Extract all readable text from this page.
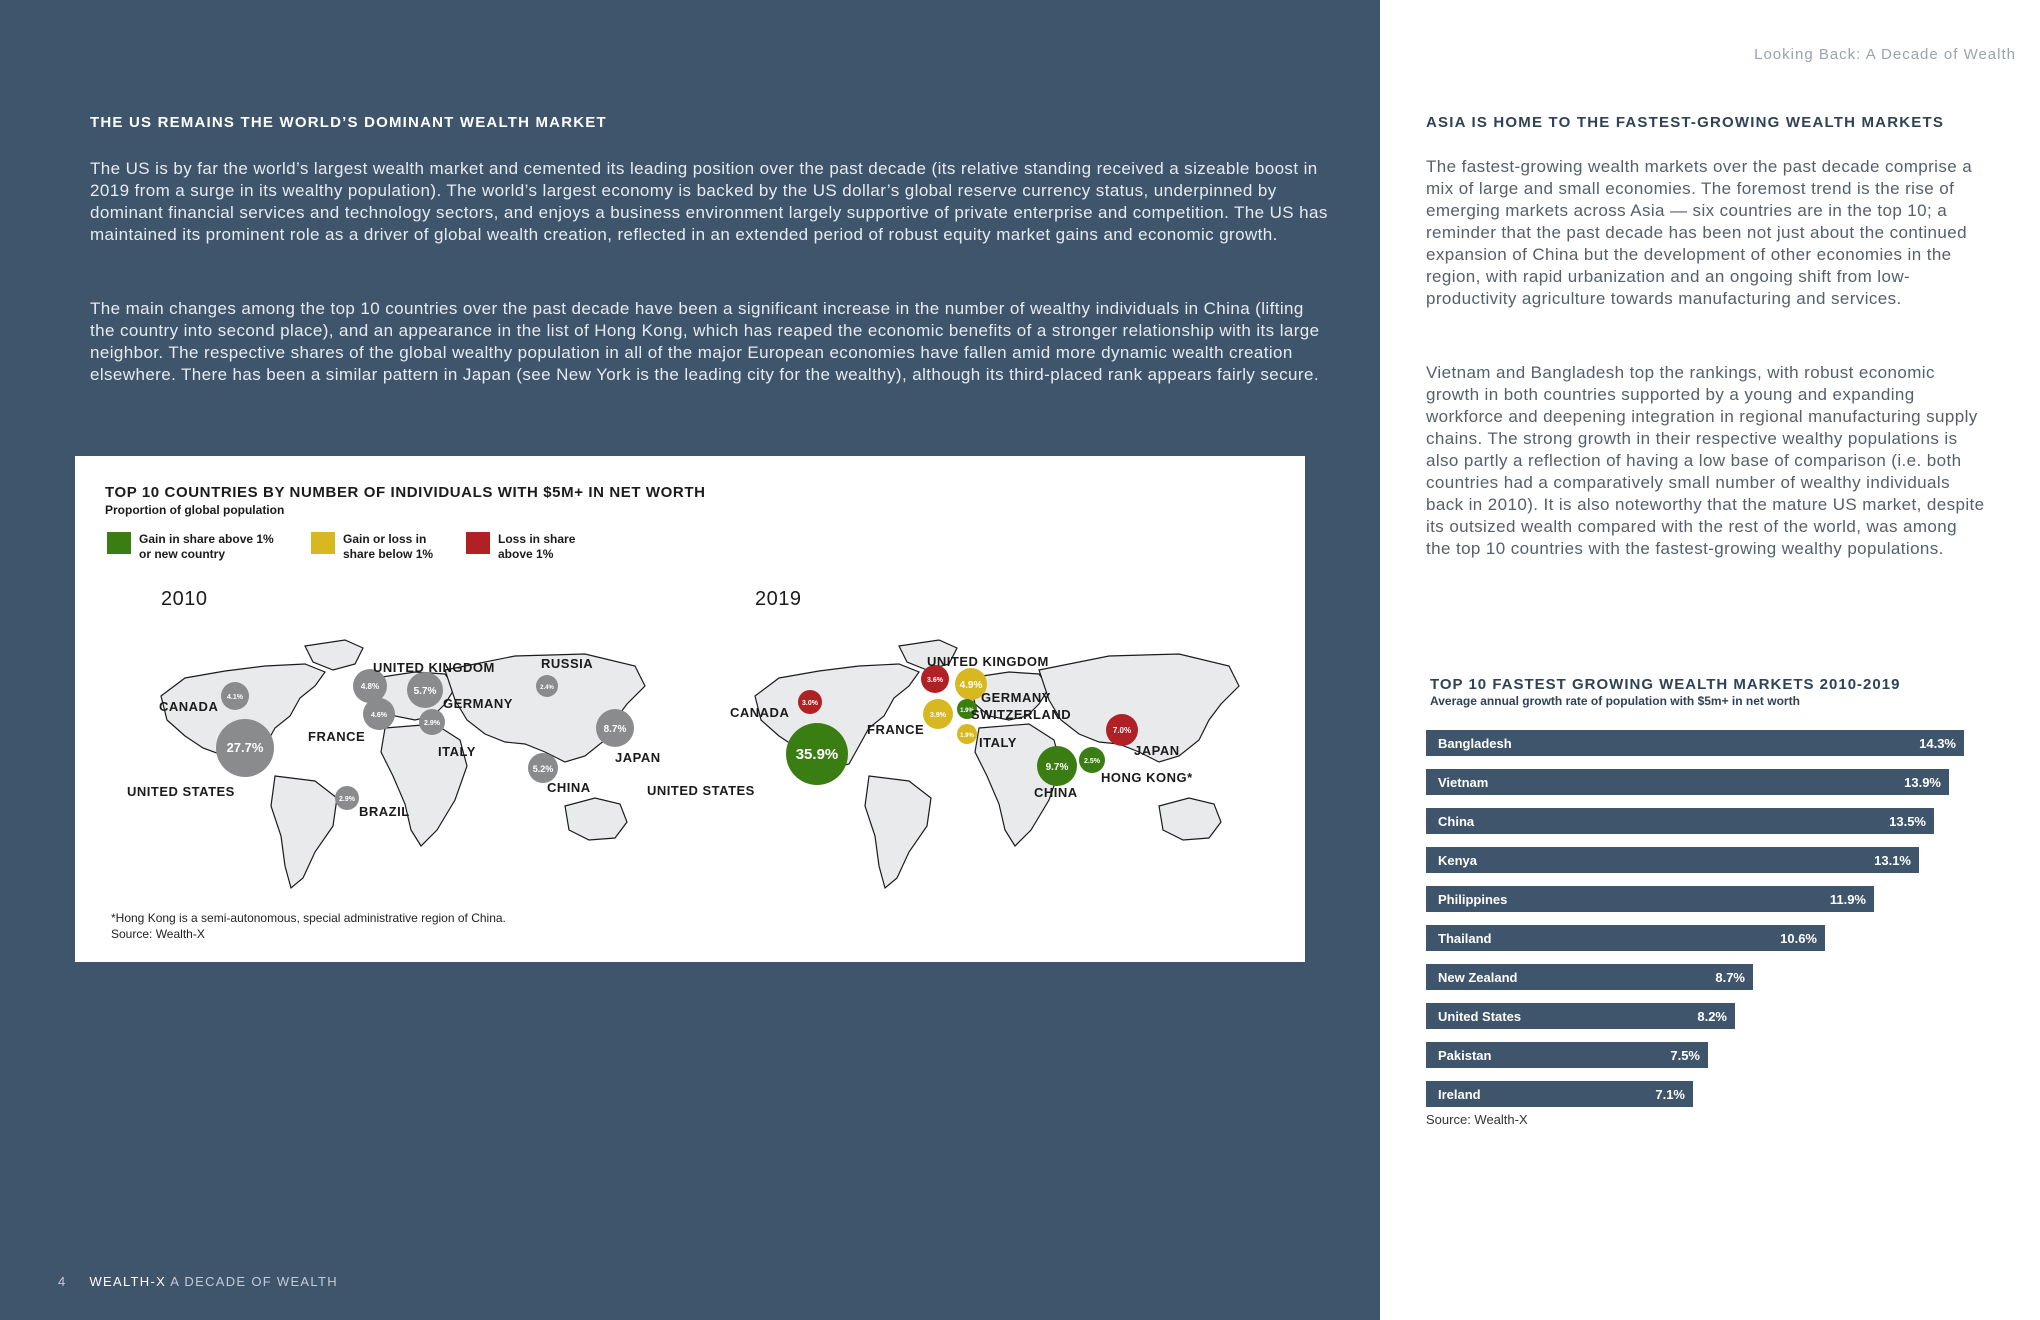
THE US REMAINS THE WORLD’S DOMINANT WEALTH MARKET
The US is by far the world’s largest wealth market and cemented its leading position over the past decade (its relative standing received a sizeable boost in 2019 from a surge in its wealthy population). The world’s largest economy is backed by the US dollar’s global reserve currency status, underpinned by dominant financial services and technology sectors, and enjoys a business environment largely supportive of private enterprise and competition. The US has maintained its prominent role as a driver of global wealth creation, reflected in an extended period of robust equity market gains and economic growth.
The main changes among the top 10 countries over the past decade have been a significant increase in the number of wealthy individuals in China (lifting the country into second place), and an appearance in the list of Hong Kong, which has reaped the economic benefits of a stronger relationship with its large neighbor. The respective shares of the global wealthy population in all of the major European economies have fallen amid more dynamic wealth creation elsewhere. There has been a similar pattern in Japan (see New York is the leading city for the wealthy), although its third-placed rank appears fairly secure.
TOP 10 COUNTRIES BY NUMBER OF INDIVIDUALS WITH $5M+ IN NET WORTH
Proportion of global population
Gain in share above 1% or new country
Gain or loss in share below 1%
Loss in share above 1%
2010	2019
27.7%
4.1%
4.8%	5.7%
4.6%
2.9%
2.4%
8.7%
5.2%
2.9%
UNITED STATES
CANADA
UNITED KINGDOM
GERMANY
FRANCE
ITALY
RUSSIA
JAPAN
CHINA
BRAZIL
35.9%
3.0%
3.6% 4.9%
3.9%
1.9%
1.9%
7.0%
9.7%
2.5%
UNITED STATES
CANADA
UNITED KINGDOM
GERMANY
FRANCE
SWITZERLAND
ITALY
JAPAN
CHINA
HONG KONG*
*Hong Kong is a semi-autonomous, special administrative region of China.
Source: Wealth-X
4 WEALTH-X A DECADE OF WEALTH
Looking Back: A Decade of Wealth
ASIA IS HOME TO THE FASTEST-GROWING WEALTH MARKETS
The fastest-growing wealth markets over the past decade comprise a mix of large and small economies. The foremost trend is the rise of emerging markets across Asia — six countries are in the top 10; a reminder that the past decade has been not just about the continued expansion of China but the development of other economies in the region, with rapid urbanization and an ongoing shift from low-productivity agriculture towards manufacturing and services.
Vietnam and Bangladesh top the rankings, with robust economic growth in both countries supported by a young and expanding workforce and deepening integration in regional manufacturing supply chains. The strong growth in their respective wealthy populations is also partly a reflection of having a low base of comparison (i.e. both countries had a comparatively small number of wealthy individuals back in 2010). It is also noteworthy that the mature US market, despite its outsized wealth compared with the rest of the world, was among the top 10 countries with the fastest-growing wealthy populations.
TOP 10 FASTEST GROWING WEALTH MARKETS 2010-2019
Average annual growth rate of population with $5m+ in net worth
Bangladesh	14.3%
Vietnam	13.9%
China	13.5%
Kenya	13.1%
Philippines	11.9%
Thailand	10.6%
New Zealand	8.7%
United States	8.2%
Pakistan	7.5%
Ireland	7.1%
Source: Wealth-X
